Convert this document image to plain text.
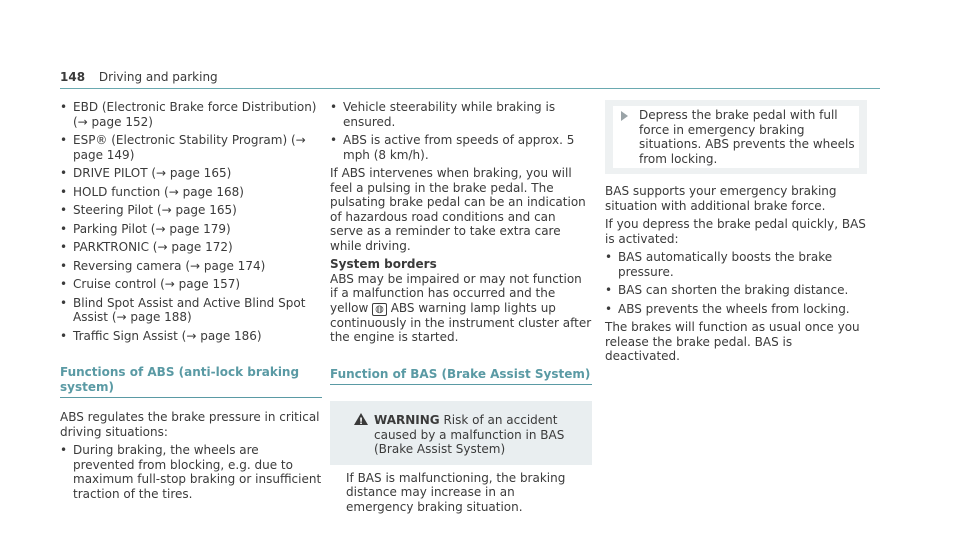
148 Driving and parking
• EBD (Electronic Brake force Distribution) (→ page 152)
• ESP® (Electronic Stability Program) (→ page 149)
• DRIVE PILOT (→ page 165)
• HOLD function (→ page 168)
• Steering Pilot (→ page 165)
• Parking Pilot (→ page 179)
• PARKTRONIC (→ page 172)
• Reversing camera (→ page 174)
• Cruise control (→ page 157)
• Blind Spot Assist and Active Blind Spot Assist (→ page 188)
• Traffic Sign Assist (→ page 186)
Functions of ABS (anti-lock braking system)

ABS regulates the brake pressure in critical driving situations:

• During braking, the wheels are prevented from blocking, e.g. due to maximum full-stop braking or insufficient traction of the tires.
• Vehicle steerability while braking is ensured.
• ABS is active from speeds of approx. 5 mph (8 km/h).

If ABS intervenes when braking, you will feel a pulsing in the brake pedal. The pulsating brake pedal can be an indication of hazardous road conditions and can serve as a reminder to take extra care while driving.

System borders

ABS may be impaired or may not function if a malfunction has occurred and the yellow ◍ ABS warning lamp lights up continuously in the instrument cluster after the engine is started.

Function of BAS (Brake Assist System)
!
WARNING Risk of an accident caused by a malfunction in BAS (Brake Assist System)
If BAS is malfunctioning, the braking distance may increase in an emergency braking situation.
Depress the brake pedal with full force in emergency braking situations. ABS prevents the wheels from locking.

BAS supports your emergency braking situation with additional brake force.

If you depress the brake pedal quickly, BAS is activated:

• BAS automatically boosts the brake pressure.
• BAS can shorten the braking distance.
• ABS prevents the wheels from locking.

The brakes will function as usual once you release the brake pedal. BAS is deactivated.
